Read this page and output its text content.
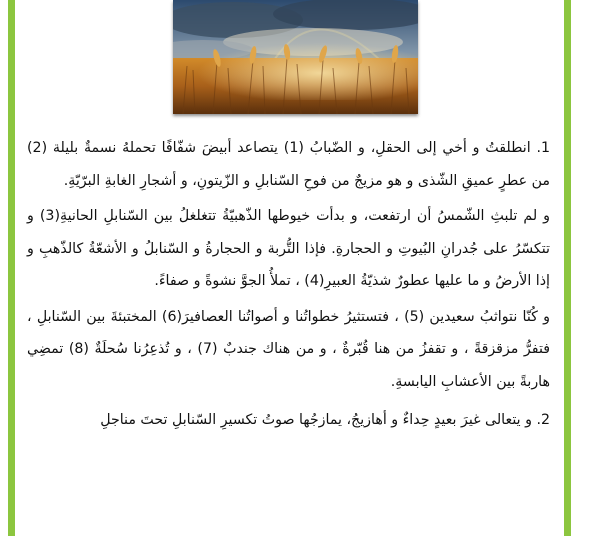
1. انطلقتُ و أخي إلى الحقلِ، و الضّبابُ (1) يتصاعد أبيضَ شفّافًا تحملهُ نسمةٌ بليلة (2) من عطرٍ عميقِ الشّذى و هو مزيجٌ من فوحِ السّنابلِ و الزّيتونِ، و أشجارِ الغابةِ البرّيّةِ.

و لم تلبثِ الشّمسُ أن ارتفعت، و بدأت خيوطها الذّهبيّةُ تتغلغلُ بين السّنابلِ الحانيةِ(3) و تتكسّرُ على جُدرانِ البُيوتِ و الحجارةِ. فإذا التُّربة و الحجارةُ و السّنابلُ و الأشعّةُ كالذّهبِ و إذا الأرضُ و ما عليها عطورٌ شذيّةُ العبيرِ(4) ، تملأُ الجوَّ نشوةً و صفاءً.

و كُنّا نتواثبُ سعيدين (5) ، فتستثيرُ خطواتُنا و أصواتُنا العصافيرَ(6) المختبئةَ بين السّنابلِ ، فتفرُّ مزقزقةً ، و تقفزُ من هنا قُبّرةٌ ، و من هناك جندبٌ (7) ، و تُذعِرُنا سُحلَةٌ (8) تمضِي هاربةً بين الأعشابِ اليابسةِ.

2. و يتعالى غيرَ بعيدٍ حِداءٌ و أهازيجُ، يمازجُها صوتُ تكسيرِ السّنابلِ تحتَ مناجلِ
